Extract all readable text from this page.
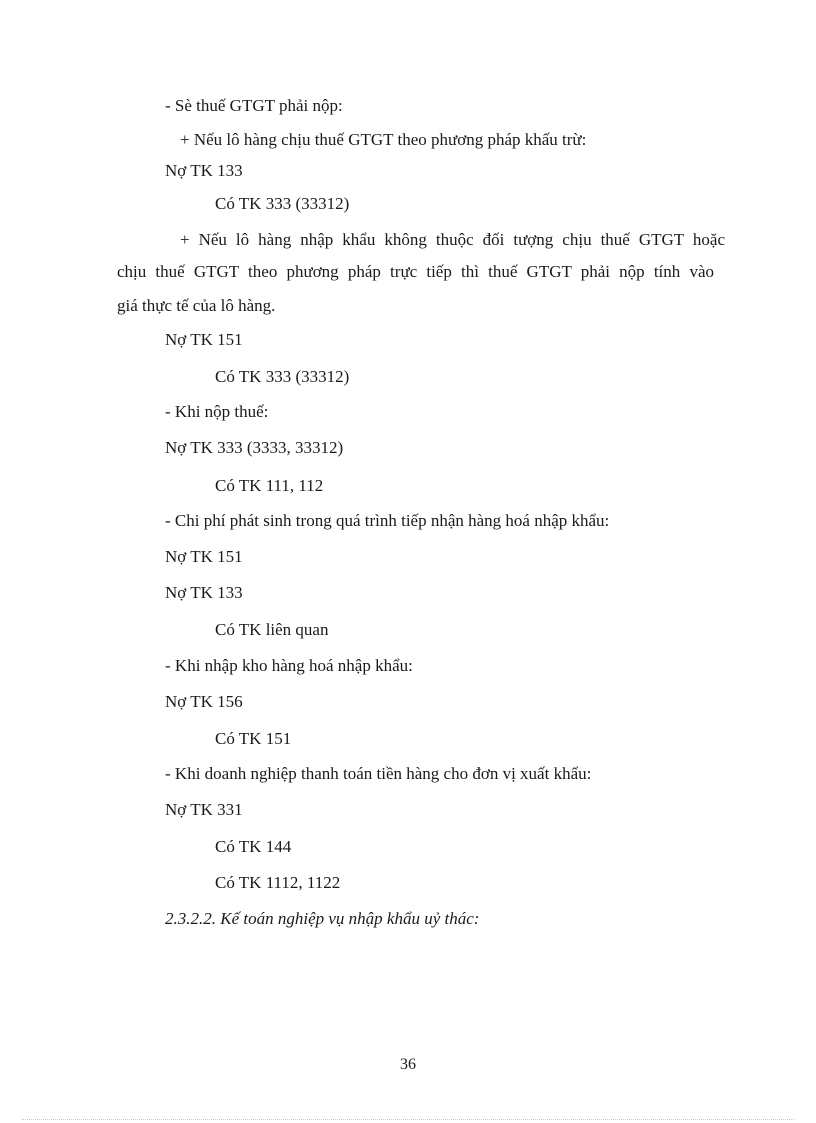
- Sè thuế GTGT phải nộp:
+ Nếu lô hàng chịu thuế GTGT theo phương pháp khấu trừ:
Nợ TK 133
Có TK 333 (33312)
+ Nếu lô hàng nhập khẩu không thuộc đối tượng chịu thuế GTGT hoặc
chịu thuế GTGT theo phương pháp trực tiếp thì thuế GTGT phải nộp tính vào
giá thực tế của lô hàng.
Nợ TK 151
Có TK 333 (33312)
- Khi nộp thuế:
Nợ TK 333 (3333, 33312)
Có TK 111, 112
- Chi phí phát sinh trong quá trình tiếp nhận hàng hoá nhập khẩu:
Nợ TK 151
Nợ TK 133
Có TK liên quan
- Khi nhập kho hàng hoá nhập khẩu:
Nợ TK 156
Có TK 151
- Khi doanh nghiệp thanh toán tiền hàng cho đơn vị xuất khẩu:
Nợ TK 331
Có TK 144
Có TK 1112, 1122
2.3.2.2. Kế toán nghiệp vụ nhập khẩu uỷ thác:
36
